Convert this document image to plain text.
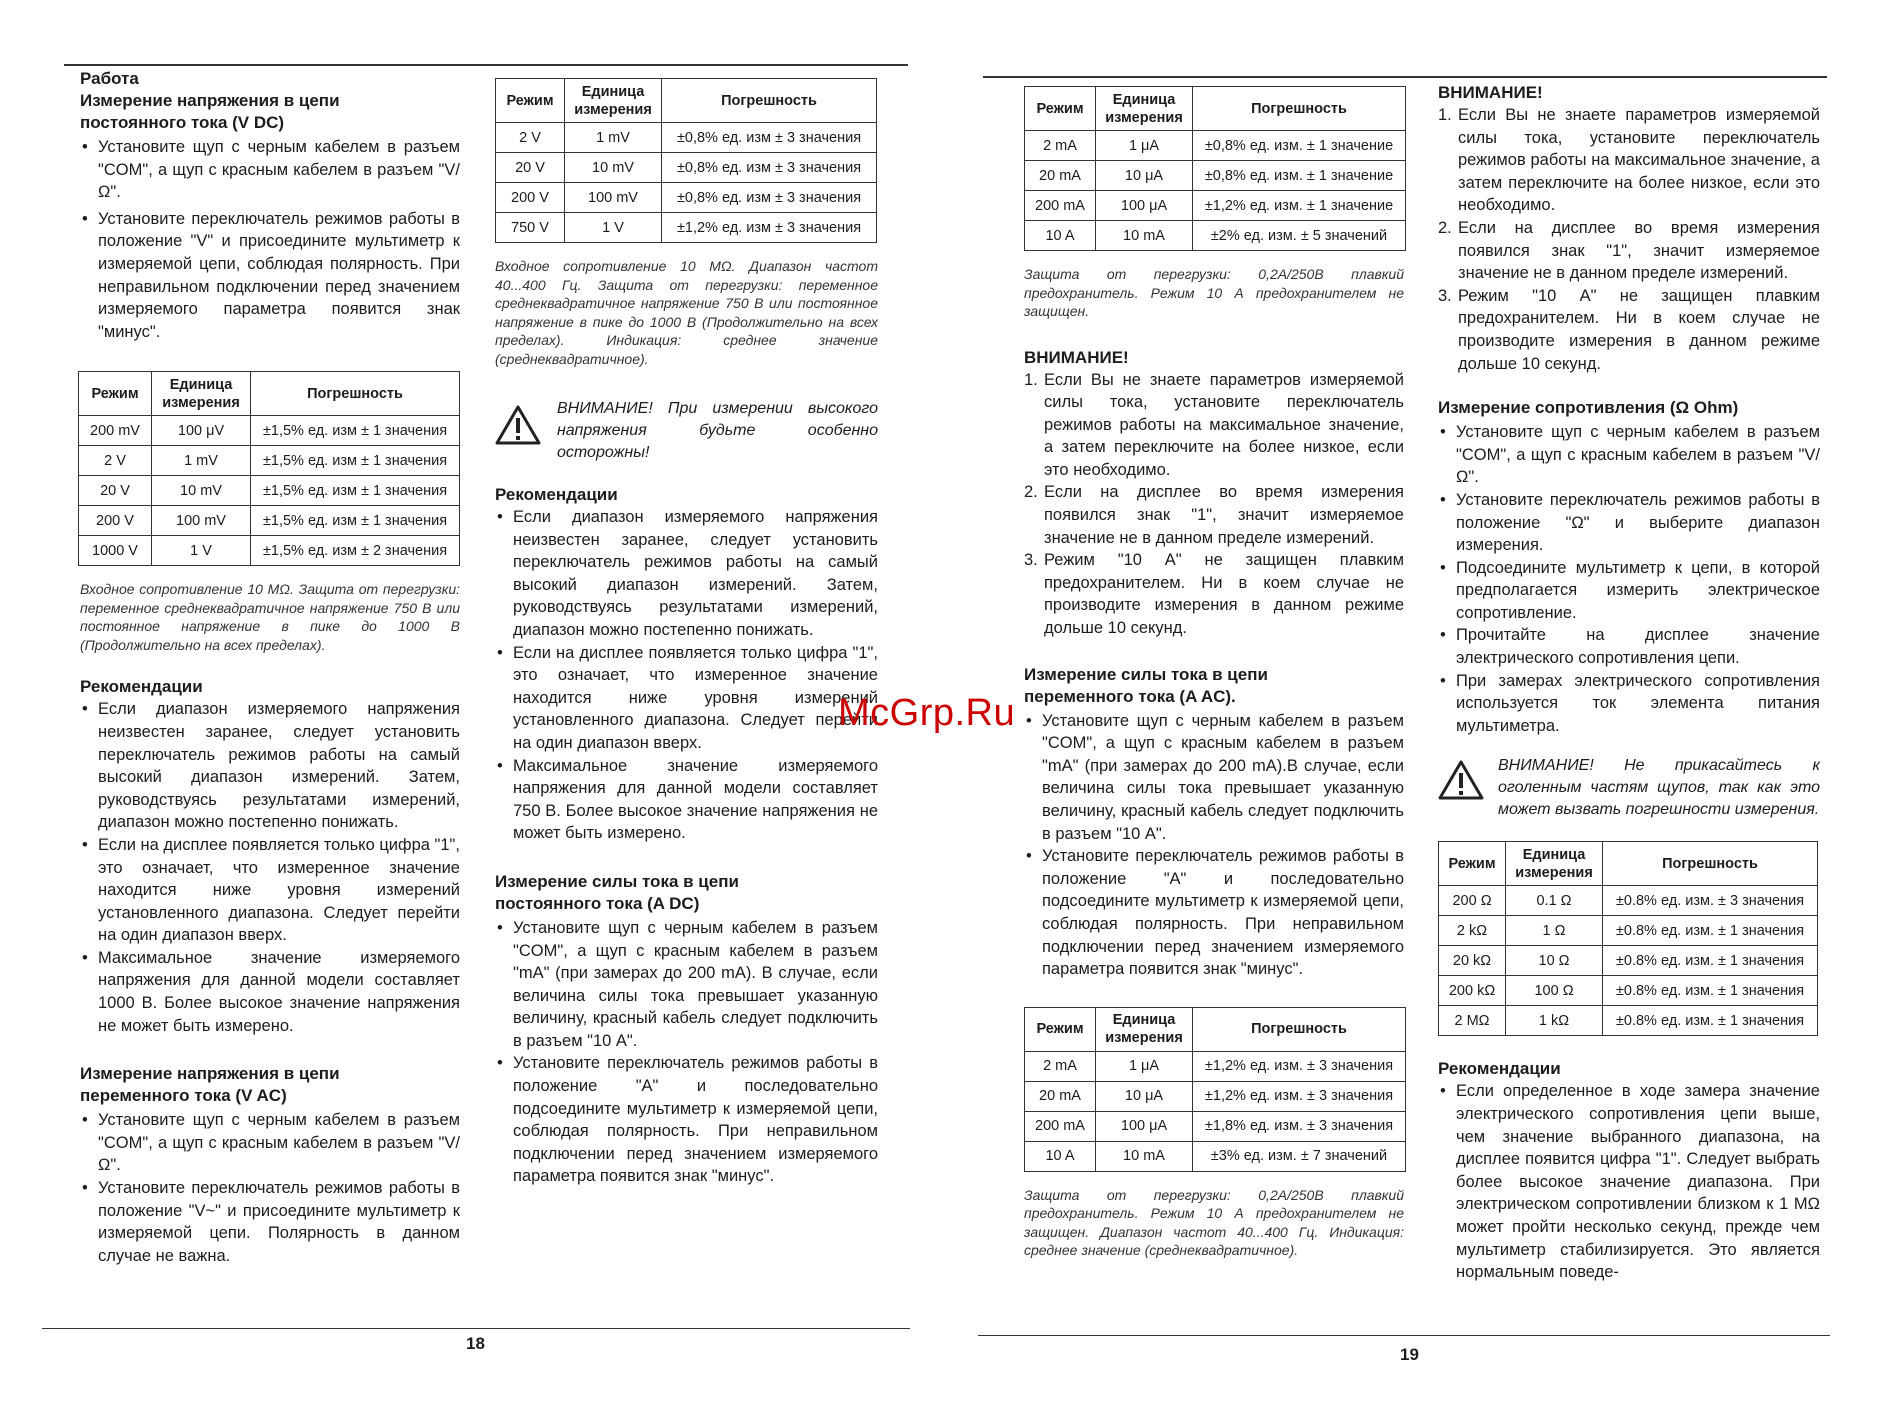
Работа

Измерение напряжения в цепи постоянного тока (V DC)

• Установите щуп с черным кабелем в разъем "COM", а щуп с красным кабелем в разъем "V/Ω".
• Установите переключатель режимов работы в положение "V" и присоедините мультиметр к измеряемой цепи, соблюдая полярность. При неправильном подключении перед значением измеряемого параметра появится знак "минус".
Режим	Единица измерения	Погрешность
200 mV	100 μV	±1,5% ед. изм ± 1 значения
2 V	1 mV	±1,5% ед. изм ± 1 значения
20 V	10 mV	±1,5% ед. изм ± 1 значения
200 V	100 mV	±1,5% ед. изм ± 1 значения
1000 V	1 V	±1,5% ед. изм ± 2 значения

Входное сопротивление 10 MΩ. Защита от перегрузки: переменное среднеквадратичное напряжение 750 В или постоянное напряжение в пике до 1000 В (Продолжительно на всех пределах).

Рекомендации

• Если диапазон измеряемого напряжения неизвестен заранее, следует установить переключатель режимов работы на самый высокий диапазон измерений. Затем, руководствуясь результатами измерений, диапазон можно постепенно понижать.
• Если на дисплее появляется только цифра "1", это означает, что измеренное значение находится ниже уровня измерений установленного диапазона. Следует перейти на один диапазон вверх.
• Максимальное значение измеряемого напряжения для данной модели составляет 1000 В. Более высокое значение напряжения не может быть измерено.

Измерение напряжения в цепи переменного тока (V AC)

• Установите щуп с черным кабелем в разъем "COM", а щуп с красным кабелем в разъем "V/Ω".
• Установите переключатель режимов работы в положение "V~" и присоедините мультиметр к измеряемой цепи. Полярность в данном случае не важна.
Режим	Единица измерения	Погрешность
2 V	1 mV	±0,8% ед. изм ± 3 значения
20 V	10 mV	±0,8% ед. изм ± 3 значения
200 V	100 mV	±0,8% ед. изм ± 3 значения
750 V	1 V	±1,2% ед. изм ± 3 значения

Входное сопротивление 10 MΩ. Диапазон частот 40...400 Гц. Защита от перегрузки: переменное среднеквадратичное напряжение 750 В или постоянное напряжение в пике до 1000 В (Продолжительно на всех пределах). Индикация: среднее значение (среднеквадратичное).

ВНИМАНИЕ! При измерении высокого напряжения будьте особенно осторожны!

Рекомендации

• Если диапазон измеряемого напряжения неизвестен заранее, следует установить переключатель режимов работы на самый высокий диапазон измерений. Затем, руководствуясь результатами измерений, диапазон можно постепенно понижать.
• Если на дисплее появляется только цифра "1", это означает, что измеренное значение находится ниже уровня измерений установленного диапазона. Следует перейти на один диапазон вверх.
• Максимальное значение измеряемого напряжения для данной модели составляет 750 В. Более высокое значение напряжения не может быть измерено.

Измерение силы тока в цепи постоянного тока (A DC)

• Установите щуп с черным кабелем в разъем "COM", а щуп с красным кабелем в разъем "mA" (при замерах до 200 mA). В случае, если величина силы тока превышает указанную величину, красный кабель следует подключить в разъем "10 A".
• Установите переключатель режимов работы в положение "A" и последовательно подсоедините мультиметр к измеряемой цепи, соблюдая полярность. При неправильном подключении перед значением измеряемого параметра появится знак "минус".
18
Режим	Единица измерения	Погрешность
2 mA	1 μA	±0,8% ед. изм. ± 1 значение
20 mA	10 μA	±0,8% ед. изм. ± 1 значение
200 mA	100 μA	±1,2% ед. изм. ± 1 значение
10 A	10 mA	±2% ед. изм. ± 5 значений

Защита от перегрузки: 0,2A/250B плавкий предохранитель. Режим 10 А предохранителем не защищен.

ВНИМАНИЕ!

1. Если Вы не знаете параметров измеряемой силы тока, установите переключатель режимов работы на максимальное значение, а затем переключите на более низкое, если это необходимо.
2. Если на дисплее во время измерения появился знак "1", значит измеряемое значение не в данном пределе измерений.
3. Режим "10 A" не защищен плавким предохранителем. Ни в коем случае не производите измерения в данном режиме дольше 10 секунд.

Измерение силы тока в цепи переменного тока (A AC).

• Установите щуп с черным кабелем в разъем "COM", а щуп с красным кабелем в разъем "mA" (при замерах до 200 mA).В случае, если величина силы тока превышает указанную величину, красный кабель следует подключить в разъем "10 A".
• Установите переключатель режимов работы в положение "A" и последовательно подсоедините мультиметр к измеряемой цепи, соблюдая полярность. При неправильном подключении перед значением измеряемого параметра появится знак "минус".
Режим	Единица измерения	Погрешность
2 mA	1 μA	±1,2% ед. изм. ± 3 значения
20 mA	10 μA	±1,2% ед. изм. ± 3 значения
200 mA	100 μA	±1,8% ед. изм. ± 3 значения
10 A	10 mA	±3% ед. изм. ± 7 значений

Защита от перегрузки: 0,2A/250B плавкий предохранитель. Режим 10 А предохранителем не защищен. Диапазон частот 40...400 Гц. Индикация: среднее значение (среднеквадратичное).

ВНИМАНИЕ!

1. Если Вы не знаете параметров измеряемой силы тока, установите переключатель режимов работы на максимальное значение, а затем переключите на более низкое, если это необходимо.
2. Если на дисплее во время измерения появился знак "1", значит измеряемое значение не в данном пределе измерений.
3. Режим "10 A" не защищен плавким предохранителем. Ни в коем случае не производите измерения в данном режиме дольше 10 секунд.

Измерение сопротивления (Ω Ohm)

• Установите щуп с черным кабелем в разъем "COM", а щуп с красным кабелем в разъем "V/Ω".
• Установите переключатель режимов работы в положение "Ω" и выберите диапазон измерения.
• Подсоедините мультиметр к цепи, в которой предполагается измерить электрическое сопротивление.
• Прочитайте на дисплее значение электрического сопротивления цепи.
• При замерах электрического сопротивления используется ток элемента питания мультиметра.

ВНИМАНИЕ! Не прикасайтесь к оголенным частям щупов, так как это может вызвать погрешности измерения.

Режим	Единица измерения	Погрешность
200 Ω	0.1 Ω	±0.8% ед. изм. ± 3 значения
2 kΩ	1 Ω	±0.8% ед. изм. ± 1 значения
20 kΩ	10 Ω	±0.8% ед. изм. ± 1 значения
200 kΩ	100 Ω	±0.8% ед. изм. ± 1 значения
2 MΩ	1 kΩ	±0.8% ед. изм. ± 1 значения

Рекомендации

• Если определенное в ходе замера значение электрического сопротивления цепи выше, чем значение выбранного диапазона, на дисплее появится цифра "1". Следует выбрать более высокое значение диапазона. При электрическом сопротивлении близком к 1 MΩ может пройти несколько секунд, прежде чем мультиметр стабилизируется. Это является нормальным поведе-
19
McGrp.Ru
